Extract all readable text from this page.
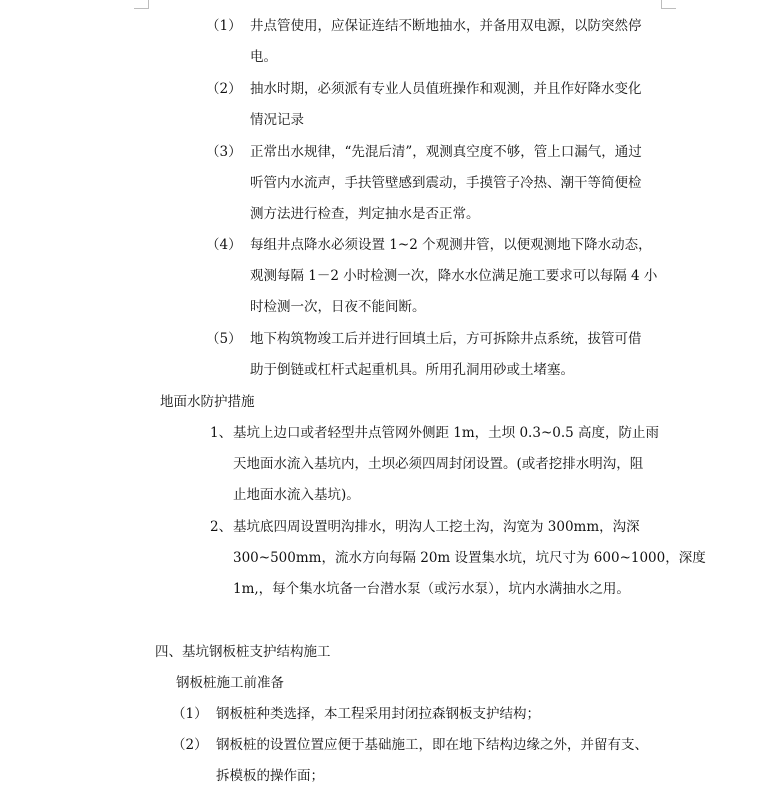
（1） 井点管使用，应保证连结不断地抽水，并备用双电源，以防突然停
电。
（2） 抽水时期，必须派有专业人员值班操作和观测，并且作好降水变化
情况记录
（3） 正常出水规律，“先混后清”，观测真空度不够，管上口漏气，通过
听管内水流声，手扶管壁感到震动，手摸管子冷热、潮干等简便检
测方法进行检查，判定抽水是否正常。
（4） 每组井点降水必须设置 1~2 个观测井管，以便观测地下降水动态，
观测每隔 1－2 小时检测一次，降水水位满足施工要求可以每隔 4 小
时检测一次，日夜不能间断。
（5） 地下构筑物竣工后并进行回填土后，方可拆除井点系统，拔管可借
助于倒链或杠杆式起重机具。所用孔洞用砂或土堵塞。
地面水防护措施
1、 基坑上边口或者轻型井点管网外侧距 1m，土坝 0.3~0.5 高度，防止雨
天地面水流入基坑内，土坝必须四周封闭设置。(或者挖排水明沟，阻
止地面水流入基坑)。
2、 基坑底四周设置明沟排水，明沟人工挖土沟，沟宽为 300mm，沟深
300~500mm，流水方向每隔 20m 设置集水坑，坑尺寸为 600~1000，深度
1m,，每个集水坑备一台潜水泵（或污水泵），坑内水满抽水之用。
四、基坑钢板桩支护结构施工
钢板桩施工前准备
（1） 钢板桩种类选择，本工程采用封闭拉森钢板支护结构；
（2） 钢板桩的设置位置应便于基础施工，即在地下结构边缘之外，并留有支、
拆模板的操作面；
